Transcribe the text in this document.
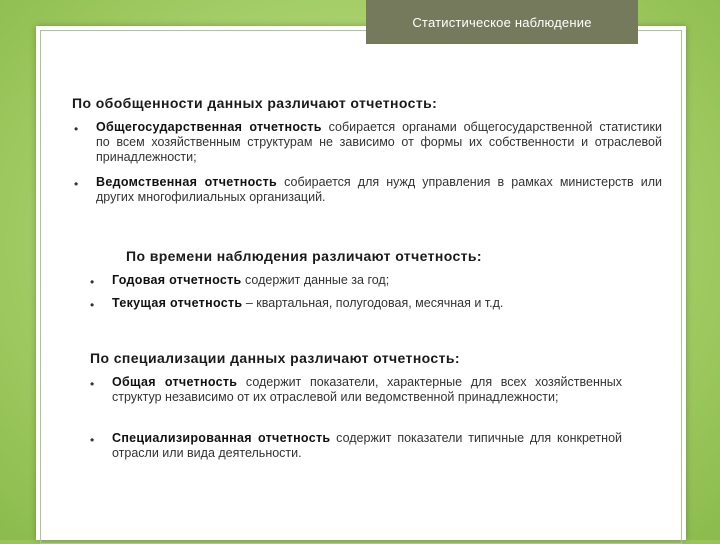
Статистическое наблюдение
По обобщенности данных различают отчетность:
• Общегосударственная отчетность собирается органами общегосударственной статистики по всем хозяйственным структурам не зависимо от формы их собственности и отраслевой принадлежности;
• Ведомственная отчетность собирается для нужд управления в рамках министерств или других многофилиальных организаций.
По времени наблюдения различают отчетность:
• Годовая отчетность содержит данные за год;
• Текущая отчетность – квартальная, полугодовая, месячная и т.д.
По специализации данных различают отчетность:
• Общая отчетность содержит показатели, характерные для всех хозяйственных структур независимо от их отраслевой или ведомственной принадлежности;
• Специализированная отчетность содержит показатели типичные для конкретной отрасли или вида деятельности.
